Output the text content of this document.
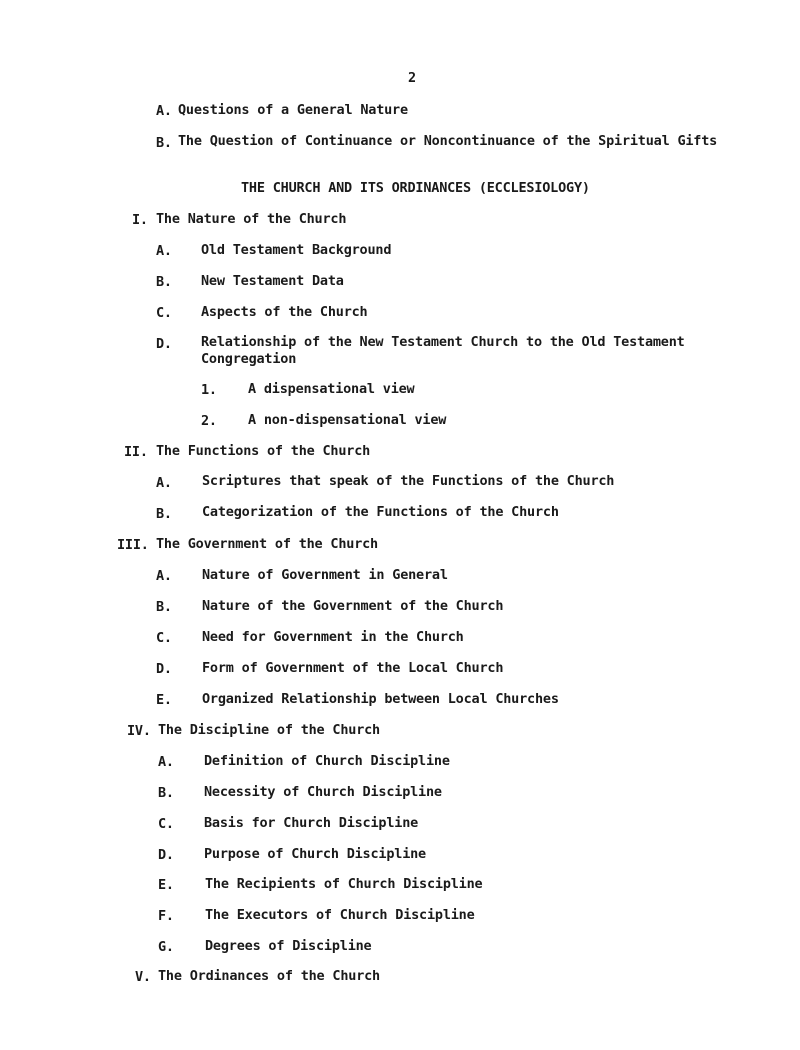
2
A. Questions of a General Nature
B. The Question of Continuance or Noncontinuance of the Spiritual Gifts
THE CHURCH AND ITS ORDINANCES (ECCLESIOLOGY)
I. The Nature of the Church
A. Old Testament Background
B. New Testament Data
C. Aspects of the Church
D. Relationship of the New Testament Church to the Old Testament
Congregation
1. A dispensational view
2. A non-dispensational view
II. The Functions of the Church
A. Scriptures that speak of the Functions of the Church
B. Categorization of the Functions of the Church
III. The Government of the Church
A. Nature of Government in General
B. Nature of the Government of the Church
C. Need for Government in the Church
D. Form of Government of the Local Church
E. Organized Relationship between Local Churches
IV. The Discipline of the Church
A. Definition of Church Discipline
B. Necessity of Church Discipline
C. Basis for Church Discipline
D. Purpose of Church Discipline
E. The Recipients of Church Discipline
F. The Executors of Church Discipline
G. Degrees of Discipline
V. The Ordinances of the Church
